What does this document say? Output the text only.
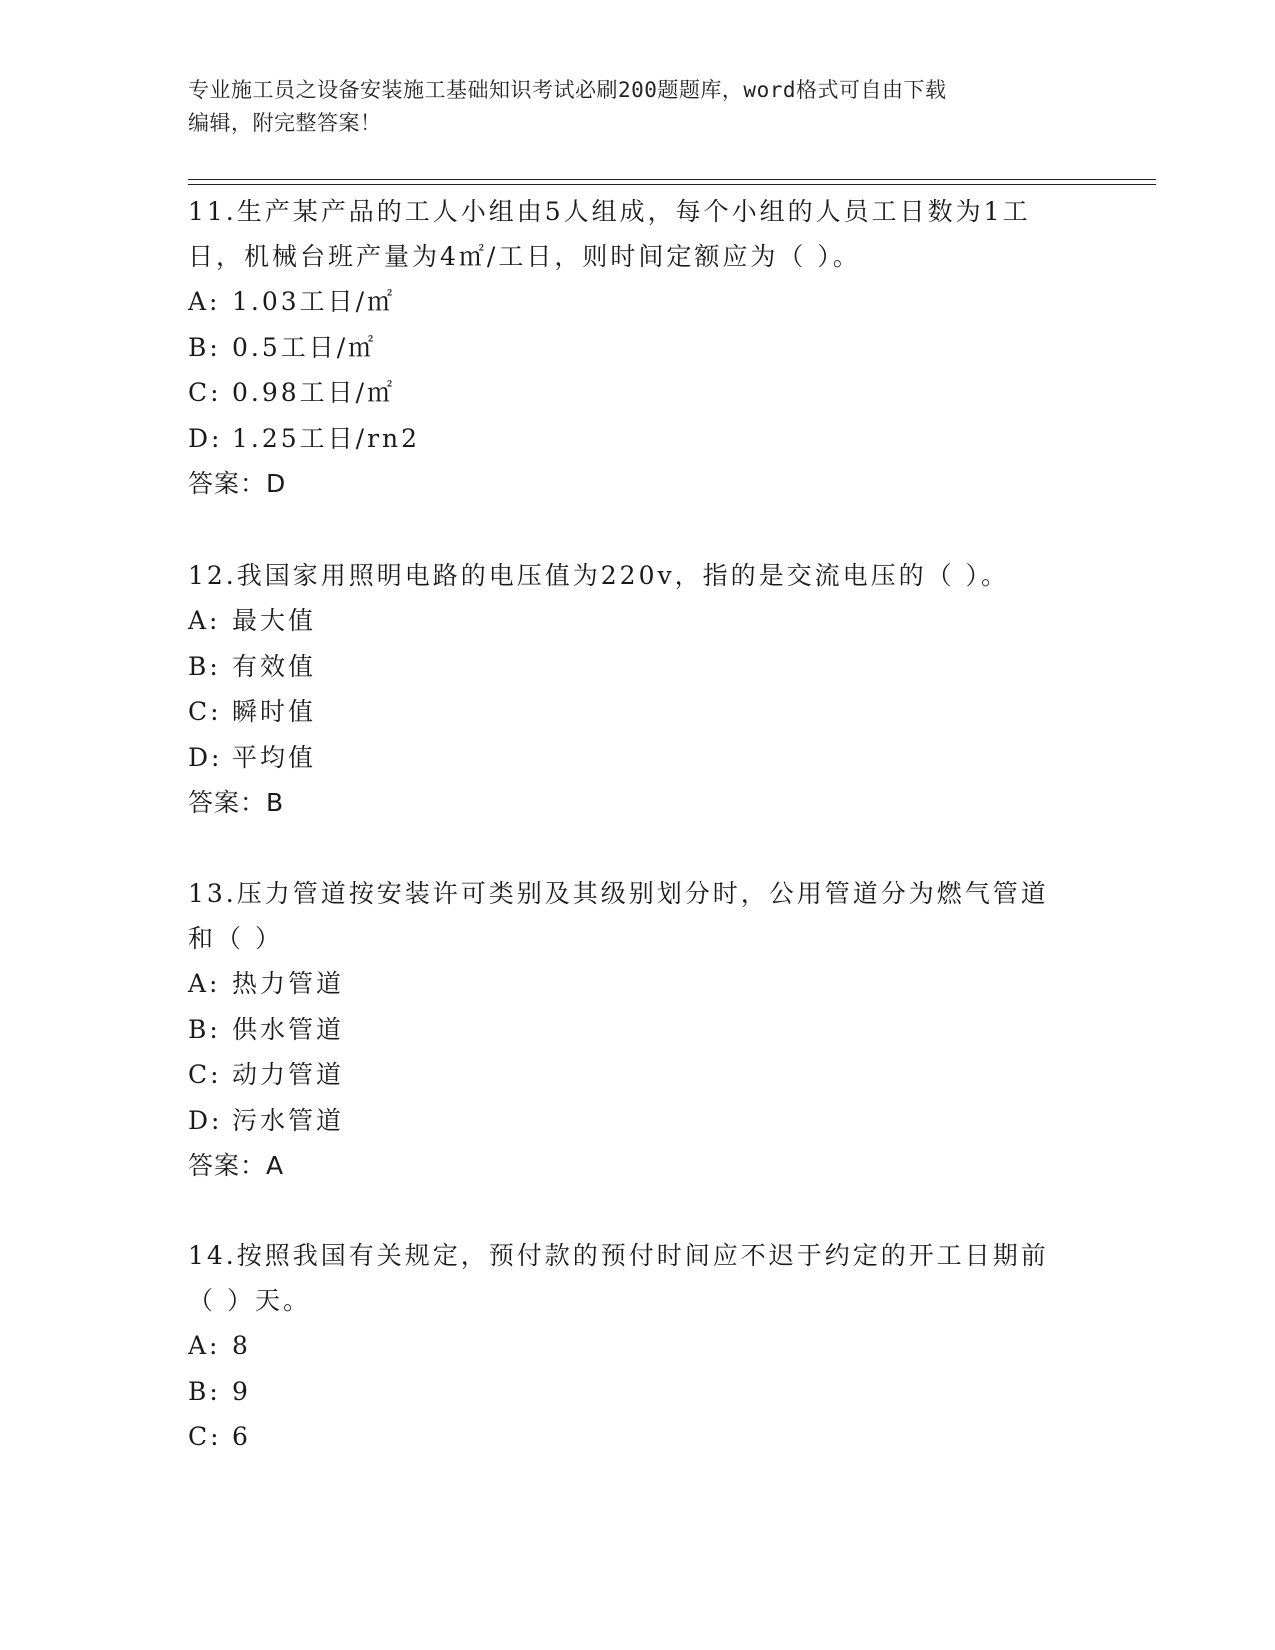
专业施工员之设备安装施工基础知识考试必刷200题题库，word格式可自由下载
编辑，附完整答案！

11.生产某产品的工人小组由5人组成，每个小组的人员工日数为1工

日，机械台班产量为4㎡/工日，则时间定额应为（ ）。

A: 1.03工日/㎡

B: 0.5工日/㎡

C: 0.98工日/㎡

D: 1.25工日/rn2

答案：D

12.我国家用照明电路的电压值为220v，指的是交流电压的（ ）。

A: 最大值

B: 有效值

C: 瞬时值

D: 平均值

答案：B

13.压力管道按安装许可类别及其级别划分时，公用管道分为燃气管道

和（ ）

A: 热力管道

B: 供水管道

C: 动力管道

D: 污水管道

答案：A

14.按照我国有关规定，预付款的预付时间应不迟于约定的开工日期前

（ ）天。

A: 8

B: 9

C: 6
